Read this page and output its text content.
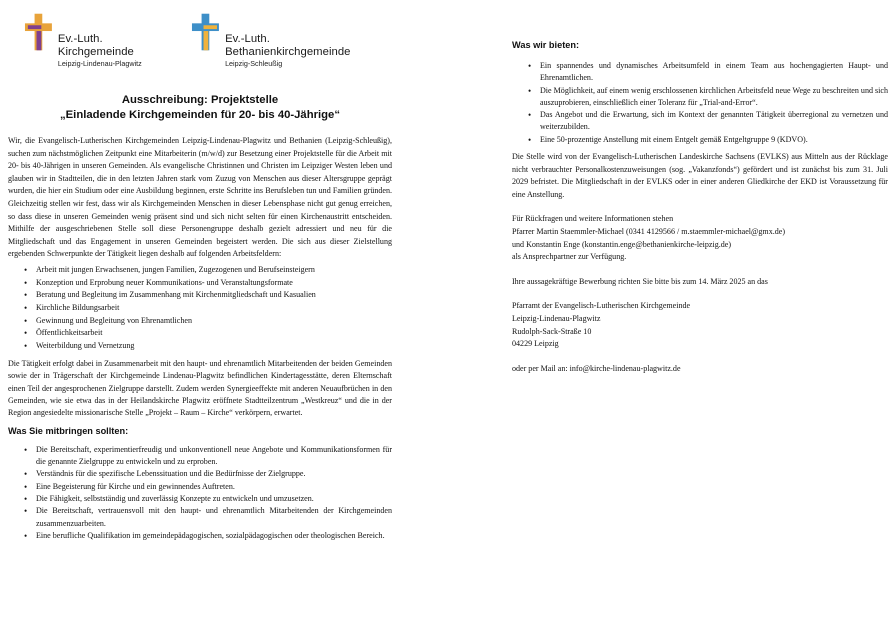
Ev.-Luth. Kirchgemeinde
Leipzig-Lindenau-Plagwitz
Ev.-Luth. Bethanienkirchgemeinde
Leipzig-Schleußig
Ausschreibung: Projektstelle
„Einladende Kirchgemeinden für 20- bis 40-Jährige“

Wir, die Evangelisch-Lutherischen Kirchgemeinden Leipzig-Lindenau-Plagwitz und Bethanien (Leipzig-Schleußig), suchen zum nächstmöglichen Zeitpunkt eine Mitarbeiterin (m/w/d) zur Besetzung einer Projektstelle für die Arbeit mit 20- bis 40-Jährigen in unseren Gemeinden. Als evangelische Christinnen und Christen im Leipziger Westen leben und glauben wir in Stadtteilen, die in den letzten Jahren stark vom Zuzug von Menschen aus dieser Altersgruppe geprägt wurden, die hier ein Studium oder eine Ausbildung beginnen, erste Schritte ins Berufsleben tun und Familien gründen. Gleichzeitig stellen wir fest, dass wir als Kirchgemeinden Menschen in dieser Lebensphase nicht gut genug erreichen, so dass diese in unseren Gemeinden wenig präsent sind und sich nicht selten für einen Kirchenaustritt entscheiden. Mithilfe der ausgeschriebenen Stelle soll diese Personengruppe deshalb gezielt adressiert und neu für die Mitgliedschaft und das Engagement in unseren Gemeinden begeistert werden. Die sich aus dieser Zielstellung ergebenden Schwerpunkte der Tätigkeit liegen deshalb auf folgenden Arbeitsfeldern:

• Arbeit mit jungen Erwachsenen, jungen Familien, Zugezogenen und Berufseinsteigern
• Konzeption und Erprobung neuer Kommunikations- und Veranstaltungsformate
• Beratung und Begleitung im Zusammenhang mit Kirchenmitgliedschaft und Kasualien
• Kirchliche Bildungsarbeit
• Gewinnung und Begleitung von Ehrenamtlichen
• Öffentlichkeitsarbeit
• Weiterbildung und Vernetzung

Die Tätigkeit erfolgt dabei in Zusammenarbeit mit den haupt- und ehrenamtlich Mitarbeitenden der beiden Gemeinden sowie der in Trägerschaft der Kirchgemeinde Lindenau-Plagwitz befindlichen Kindertagesstätte, deren Elternschaft einen Teil der angesprochenen Zielgruppe darstellt. Zudem werden Synergieeffekte mit anderen Neuaufbrüchen in den Gemeinden, wie sie etwa das in der Heilandskirche Plagwitz eröffnete Stadtteilzentrum „Westkreuz“ und die in der Region angesiedelte missionarische Stelle „Projekt – Raum – Kirche“ verkörpern, erwartet.

Was Sie mitbringen sollten:
• Die Bereitschaft, experimentierfreudig und unkonventionell neue Angebote und Kommunikationsformen für die genannte Zielgruppe zu entwickeln und zu erproben.
• Verständnis für die spezifische Lebenssituation und die Bedürfnisse der Zielgruppe.
• Eine Begeisterung für Kirche und ein gewinnendes Auftreten.
• Die Fähigkeit, selbstständig und zuverlässig Konzepte zu entwickeln und umzusetzen.
• Die Bereitschaft, vertrauensvoll mit den haupt- und ehrenamtlich Mitarbeitenden der Kirchgemeinden zusammenzuarbeiten.
• Eine berufliche Qualifikation im gemeindepädagogischen, sozialpädagogischen oder theologischen Bereich.
Was wir bieten:
• Ein spannendes und dynamisches Arbeitsumfeld in einem Team aus hochengagierten Haupt- und Ehrenamtlichen.
• Die Möglichkeit, auf einem wenig erschlossenen kirchlichen Arbeitsfeld neue Wege zu beschreiten und sich auszuprobieren, einschließlich einer Toleranz für „Trial-and-Error“.
• Das Angebot und die Erwartung, sich im Kontext der genannten Tätigkeit überregional zu vernetzen und weiterzubilden.
• Eine 50-prozentige Anstellung mit einem Entgelt gemäß Entgeltgruppe 9 (KDVO).

Die Stelle wird von der Evangelisch-Lutherischen Landeskirche Sachsens (EVLKS) aus Mitteln aus der Rücklage nicht verbrauchter Personalkostenzuweisungen (sog. „Vakanzfonds“) gefördert und ist zunächst bis zum 31. Juli 2029 befristet. Die Mitgliedschaft in der EVLKS oder in einer anderen Gliedkirche der EKD ist Voraussetzung für eine Anstellung.

Für Rückfragen und weitere Informationen stehen

Pfarrer Martin Staemmler-Michael (0341 4129566 / m.staemmler-michael@gmx.de)

und Konstantin Enge (konstantin.enge@bethanienkirche-leipzig.de)

als Ansprechpartner zur Verfügung.

Ihre aussagekräftige Bewerbung richten Sie bitte bis zum 14. März 2025 an das

Pfarramt der Evangelisch-Lutherischen Kirchgemeinde

Leipzig-Lindenau-Plagwitz

Rudolph-Sack-Straße 10

04229 Leipzig

oder per Mail an: info@kirche-lindenau-plagwitz.de
